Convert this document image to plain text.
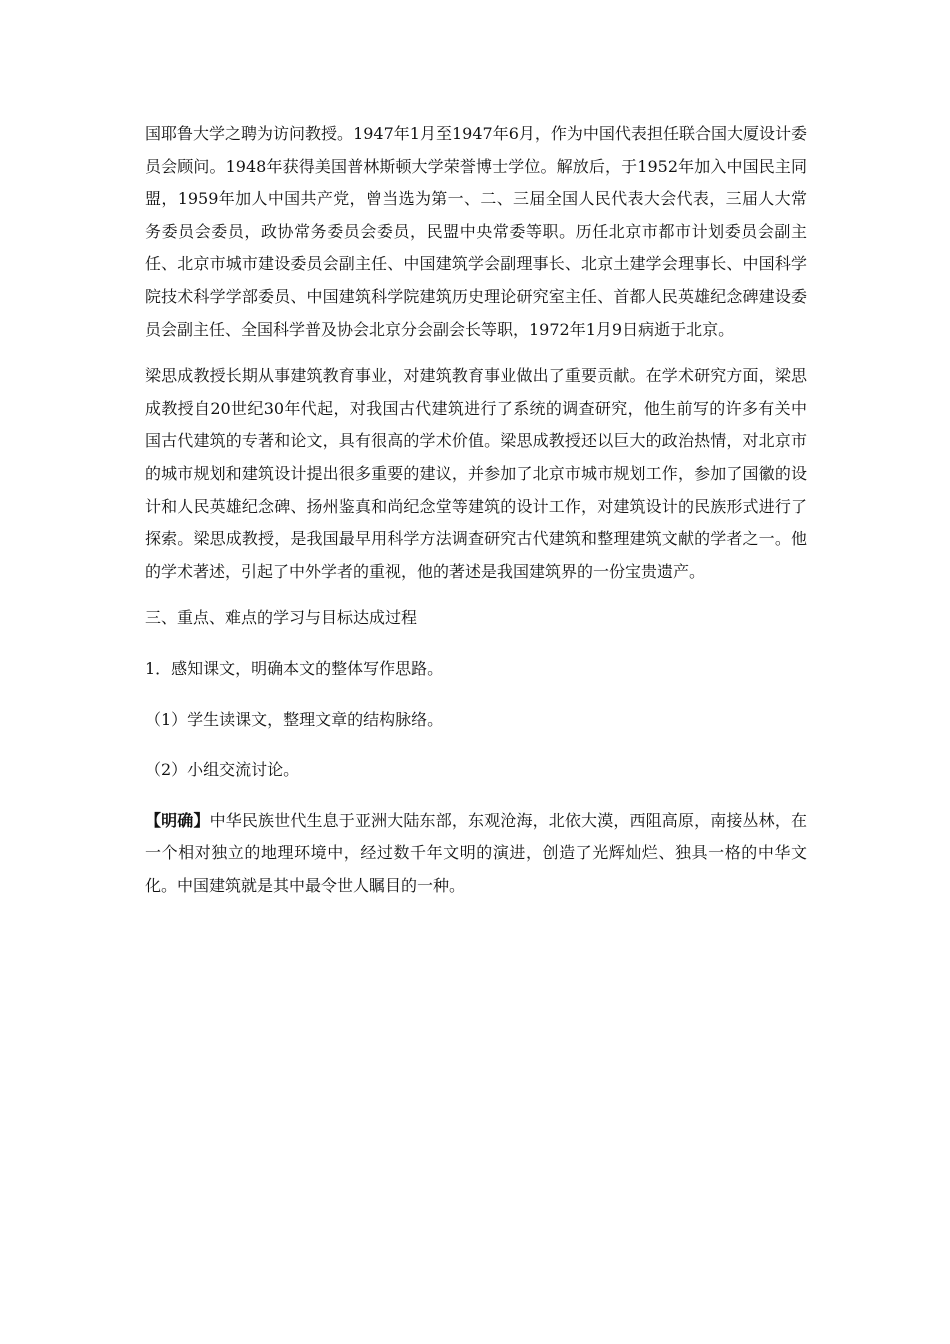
国耶鲁大学之聘为访问教授。1947年1月至1947年6月，作为中国代表担任联合国大厦设计委员会顾问。1948年获得美国普林斯顿大学荣誉博士学位。解放后，于1952年加入中国民主同盟，1959年加人中国共产党，曾当选为第一、二、三届全国人民代表大会代表，三届人大常务委员会委员，政协常务委员会委员，民盟中央常委等职。历任北京市都市计划委员会副主任、北京市城市建设委员会副主任、中国建筑学会副理事长、北京土建学会理事长、中国科学院技术科学学部委员、中国建筑科学院建筑历史理论研究室主任、首都人民英雄纪念碑建设委员会副主任、全国科学普及协会北京分会副会长等职，1972年1月9日病逝于北京。

梁思成教授长期从事建筑教育事业，对建筑教育事业做出了重要贡献。在学术研究方面，梁思成教授自20世纪30年代起，对我国古代建筑进行了系统的调查研究，他生前写的许多有关中国古代建筑的专著和论文，具有很高的学术价值。梁思成教授还以巨大的政治热情，对北京市的城市规划和建筑设计提出很多重要的建议，并参加了北京市城市规划工作，参加了国徽的设计和人民英雄纪念碑、扬州鉴真和尚纪念堂等建筑的设计工作，对建筑设计的民族形式进行了探索。梁思成教授，是我国最早用科学方法调查研究古代建筑和整理建筑文献的学者之一。他的学术著述，引起了中外学者的重视，他的著述是我国建筑界的一份宝贵遗产。

三、重点、难点的学习与目标达成过程

1．感知课文，明确本文的整体写作思路。

（1）学生读课文，整理文章的结构脉络。

（2）小组交流讨论。

【明确】中华民族世代生息于亚洲大陆东部，东观沧海，北依大漠，西阻高原，南接丛林，在一个相对独立的地理环境中，经过数千年文明的演进，创造了光辉灿烂、独具一格的中华文化。中国建筑就是其中最令世人瞩目的一种。
